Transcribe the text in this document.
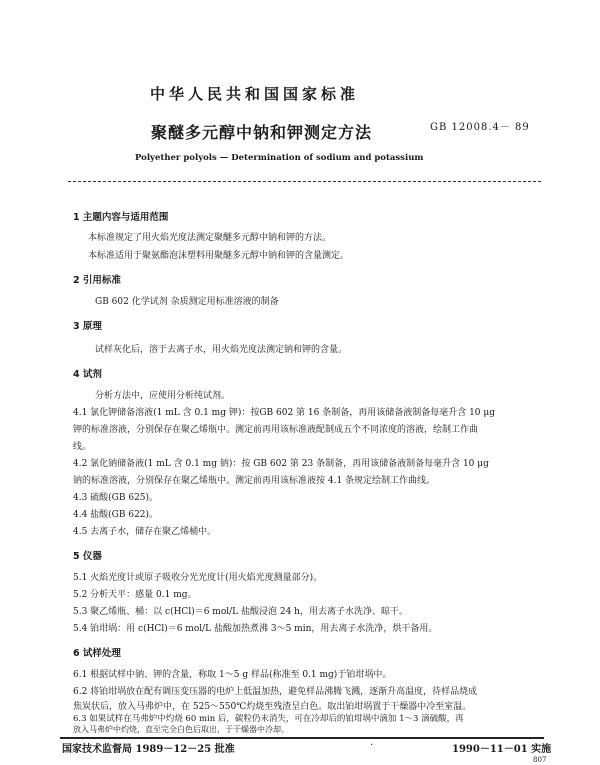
中华人民共和国国家标准
GB 12008.4－ 89
聚醚多元醇中钠和钾测定方法
Polyether polyols — Determination of sodium and potassium
1 主题内容与适用范围
本标准规定了用火焰光度法测定聚醚多元醇中钠和钾的方法。
本标准适用于聚氨酯泡沫塑料用聚醚多元醇中钠和钾的含量测定。
2 引用标准
GB 602 化学试剂 杂质测定用标准溶液的制备
3 原理
试样灰化后，溶于去离子水，用火焰光度法测定钠和钾的含量。
4 试剂
分析方法中，应使用分析纯试剂。
4.1 氯化钾储备溶液(1 mL 含 0.1 mg 钾)：按GB 602 第 16 条制备，再用该储备液制备每毫升含 10 μg
钾的标准溶液，分别保存在聚乙烯瓶中。测定前再用该标准液配制成五个不同浓度的溶液，绘制工作曲
线。
4.2 氯化钠储备液(1 mL 含 0.1 mg 钠)：按 GB 602 第 23 条制备，再用该储备液制备每毫升含 10 μg
钠的标准溶液，分别保存在聚乙烯瓶中。测定前再用该标准液按 4.1 条规定绘制工作曲线。
4.3 硫酸(GB 625)。
4.4 盐酸(GB 622)。
4.5 去离子水，储存在聚乙烯桶中。
5 仪器
5.1 火焰光度计或原子吸收分光光度计(用火焰光度测量部分)。
5.2 分析天平：感量 0.1 mg。
5.3 聚乙烯瓶、桶：以 c(HCl)＝6 mol/L 盐酸浸泡 24 h，用去离子水洗净、晾干。
5.4 铂坩埚：用 c(HCl)＝6 mol/L 盐酸加热煮沸 3～5 min，用去离子水洗净，烘干备用。
6 试样处理
6.1 根据试样中钠、钾的含量，称取 1～5 g 样品(称准至 0.1 mg)于铂坩埚中。
6.2 将铂坩埚放在配有调压变压器的电炉上低温加热，避免样品沸腾飞溅，逐渐升高温度，待样品烧成
焦炭状后，放入马弗炉中，在 525～550℃灼烧至残渣呈白色。取出铂坩埚置于干燥器中冷至室温。
6.3 如果试样在马弗炉中灼烧 60 min 后，碳粒仍未消失，可在冷却后的铂坩埚中滴加 1～3 滴硫酸，再
放入马弗炉中灼烧，直至完全白色后取出，于干燥器中冷却。
国家技术监督局 1989－12－25 批准	·	1990－11－01 实施
807
